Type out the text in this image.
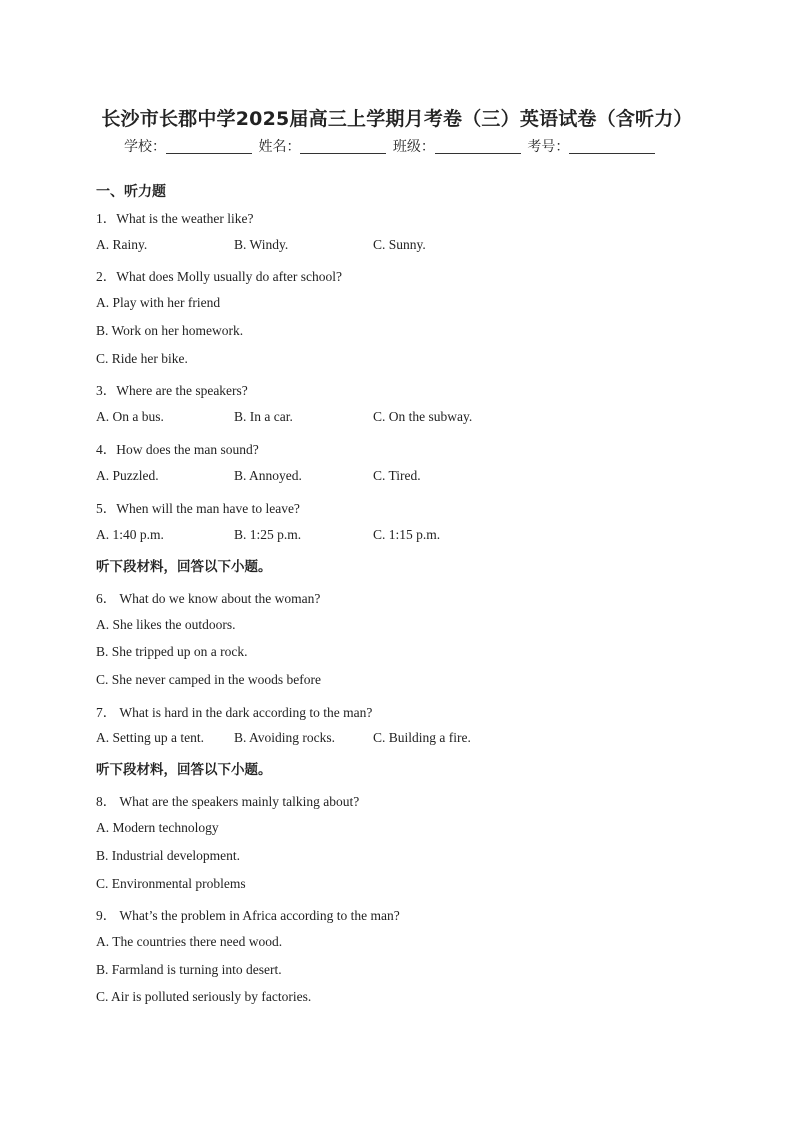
长沙市长郡中学2025届高三上学期月考卷（三）英语试卷（含听力）
学校：	姓名：	班级：	考号：
一、听力题
1．What is the weather like?
A. Rainy.	B. Windy.	C. Sunny.
2．What does Molly usually do after school?
A. Play with her friend
B. Work on her homework.
C. Ride her bike.
3．Where are the speakers?
A. On a bus.	B. In a car.	C. On the subway.
4．How does the man sound?
A. Puzzled.	B. Annoyed.	C. Tired.
5．When will the man have to leave?
A. 1:40 p.m.	B. 1:25 p.m.	C. 1:15 p.m.
听下段材料，回答以下小题。
6． What do we know about the woman?
A. She likes the outdoors.
B. She tripped up on a rock.
C. She never camped in the woods before
7． What is hard in the dark according to the man?
A. Setting up a tent. B. Avoiding rocks.	C. Building a fire.
听下段材料，回答以下小题。
8． What are the speakers mainly talking about?
A. Modern technology
B. Industrial development.
C. Environmental problems
9． What’s the problem in Africa according to the man?
A. The countries there need wood.
B. Farmland is turning into desert.
C. Air is polluted seriously by factories.
